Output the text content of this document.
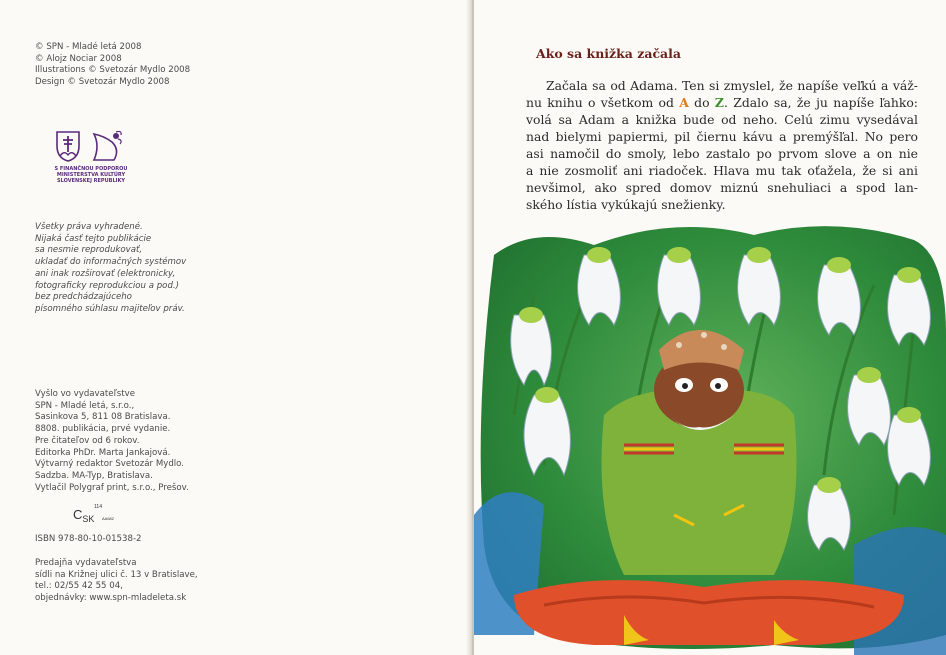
© SPN - Mladé letá 2008
© Alojz Nociar 2008
Illustrations © Svetozár Mydlo 2008
Design © Svetozár Mydlo 2008
S FINANČNOU PODPOROU
MINISTERSTVA KULTÚRY
SLOVENSKEJ REPUBLIKY
Všetky práva vyhradené.
Nijaká časť tejto publikácie
sa nesmie reprodukovať,
ukladať do informačných systémov
ani inak rozširovať (elektronicky,
fotograficky reprodukciou a pod.)
bez predchádzajúceho
písomného súhlasu majiteľov práv.
Vyšlo vo vydavateľstve
SPN - Mladé letá, s.r.o.,
Sasinkova 5, 811 08 Bratislava.
8808. publikácia, prvé vydanie.
Pre čitateľov od 6 rokov.
Editorka PhDr. Marta Jankajová.
Výtvarný redaktor Svetozár Mydlo.
Sadzba. MA-Typ, Bratislava.
Vytlačil Polygraf print, s.r.o., Prešov.
CSK
114
AA682
ISBN 978-80-10-01538-2
Predajňa vydavateľstva
sídli na Križnej ulici č. 13 v Bratislave,
tel.: 02/55 42 55 04,
objednávky: www.spn-mladeleta.sk
Ako sa knižka začala
Začala sa od Adama. Ten si zmyslel, že napíše veľkú a váž-
nu knihu o všetkom od A do Z. Zdalo sa, že ju napíše ľahko:
volá sa Adam a knižka bude od neho. Celú zimu vysedával
nad bielymi papiermi, pil čiernu kávu a premýšľal. No pero
asi namočil do smoly, lebo zastalo po prvom slove a on nie
a nie zosmoliť ani riadoček. Hlava mu tak oťažela, že si ani
nevšimol, ako spred domov miznú snehuliaci a spod lan-
ského lístia vykúkajú snežienky.
